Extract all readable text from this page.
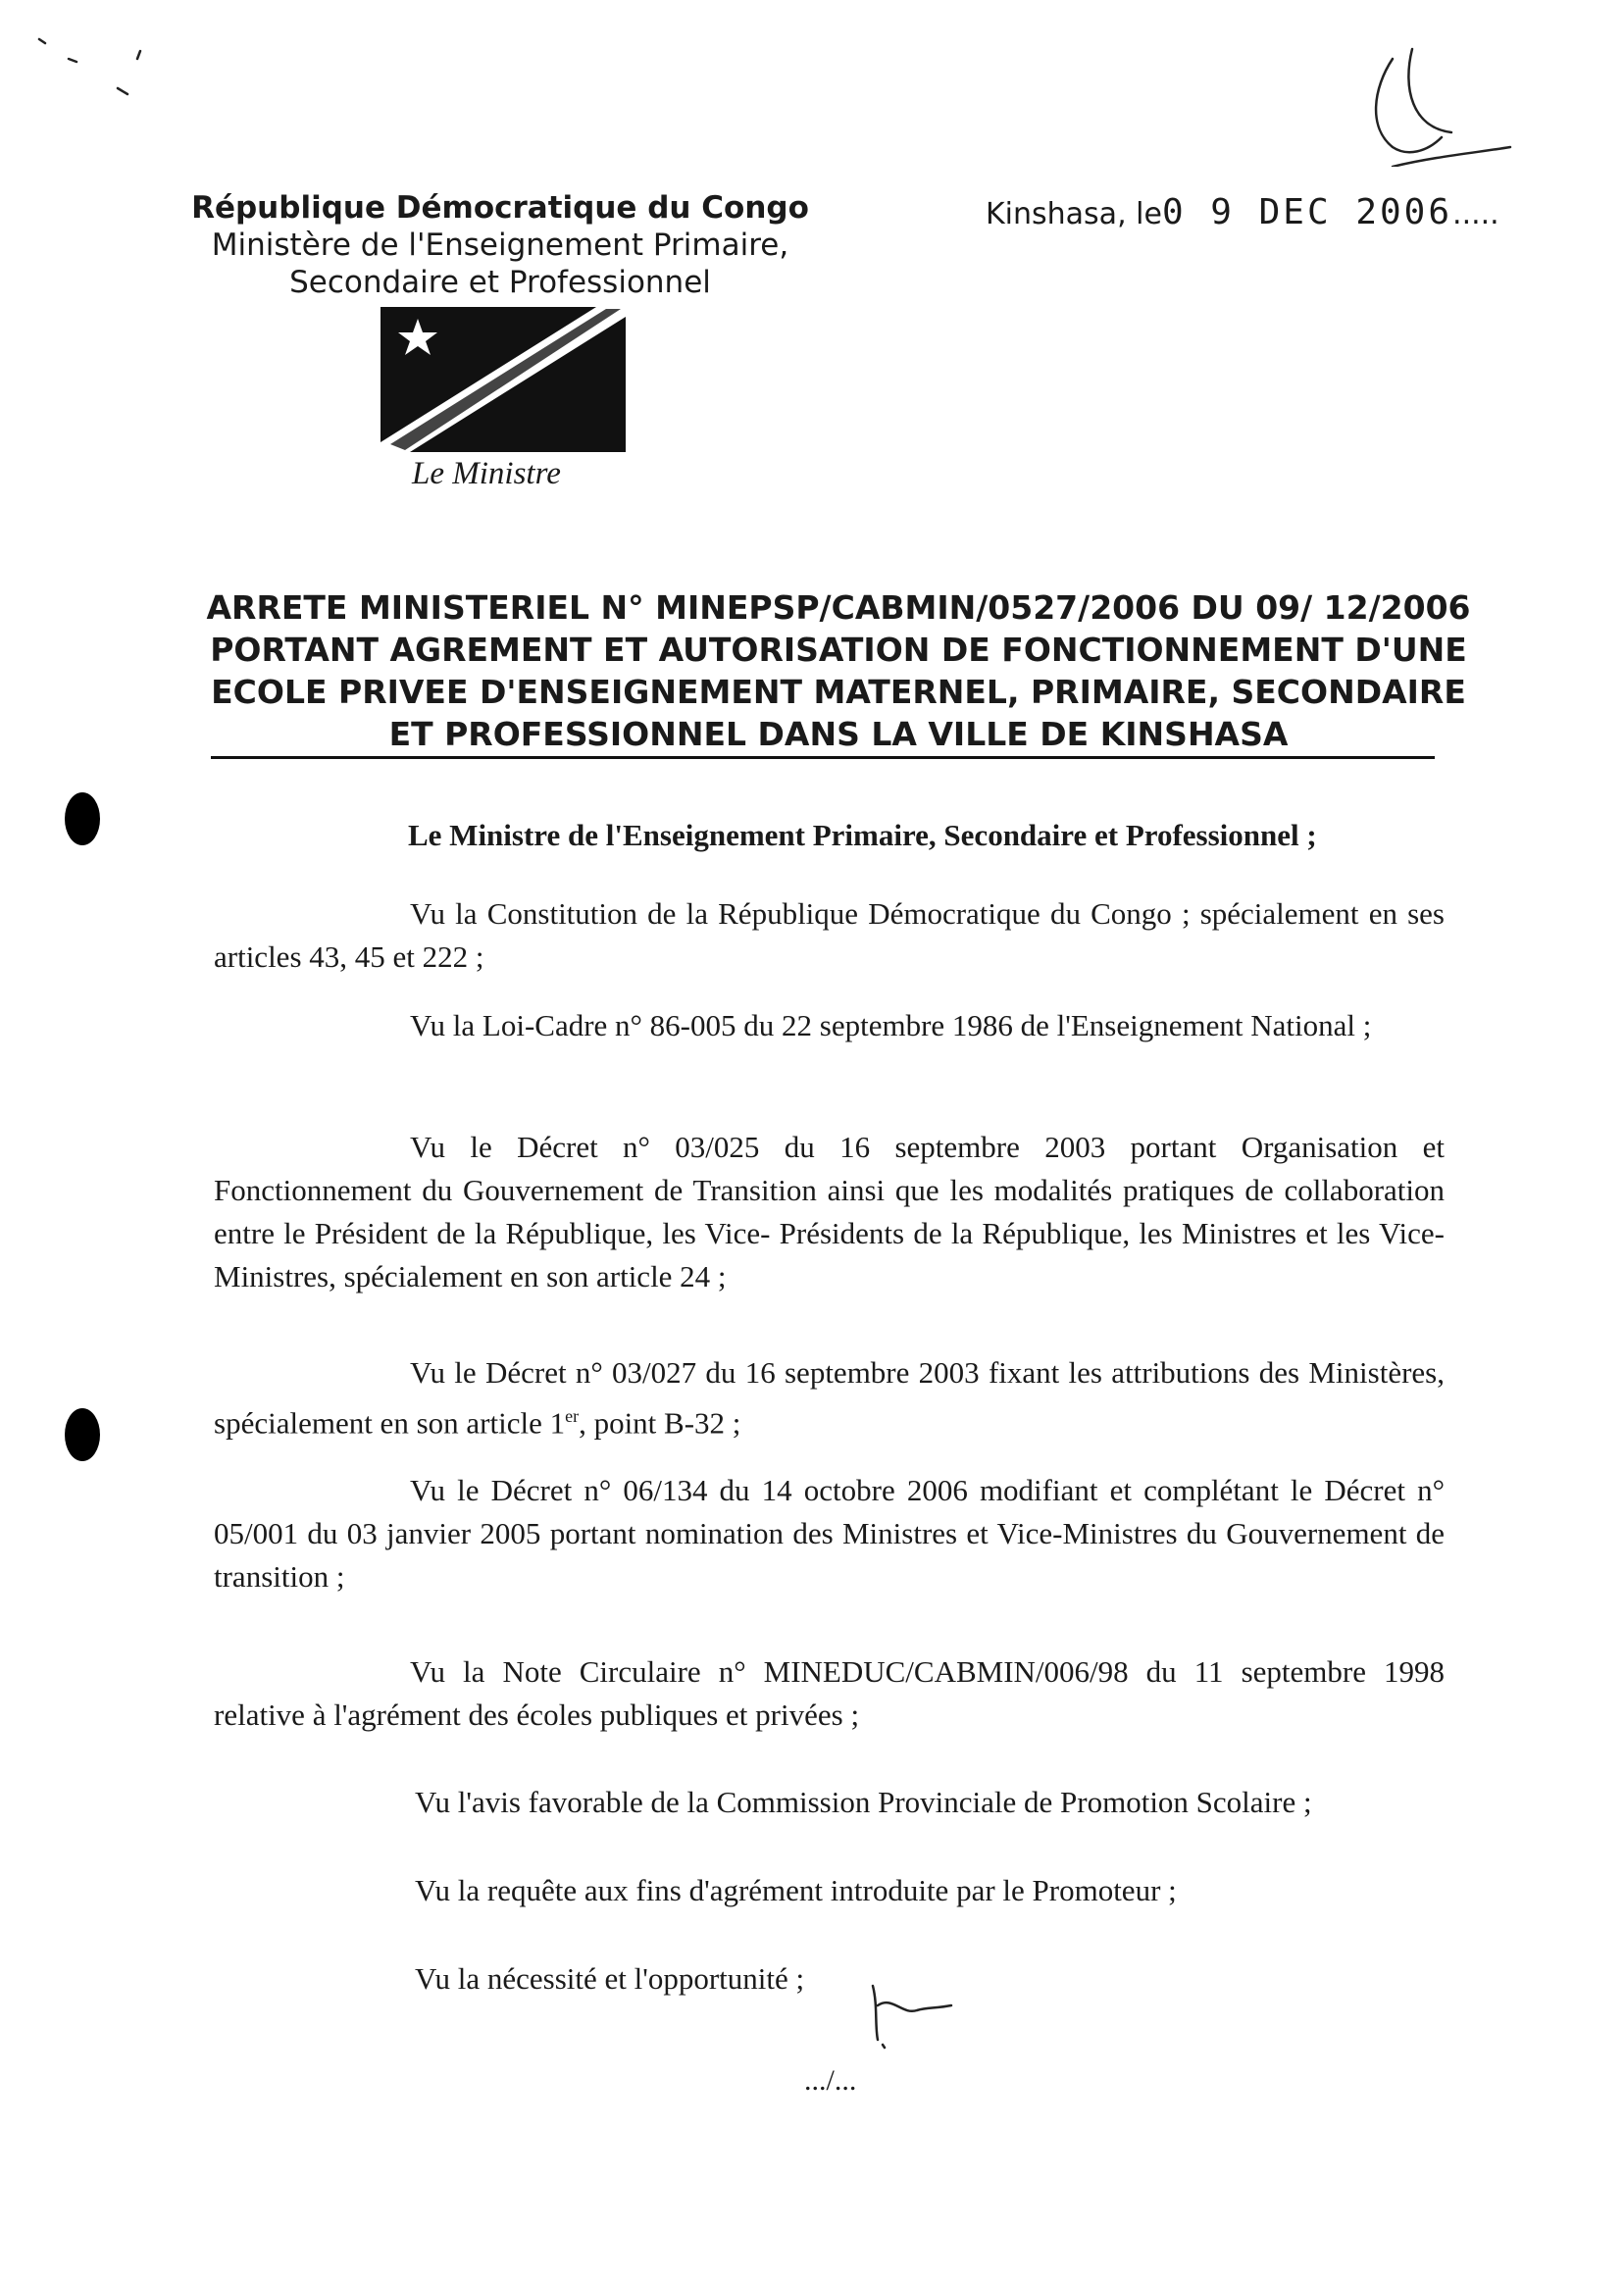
République Démocratique du Congo
Ministère de l'Enseignement Primaire,
Secondaire et Professionnel
Kinshasa, le0 9 DEC 2006.....
Le Ministre
ARRETE MINISTERIEL N° MINEPSP/CABMIN/0527/2006 DU 09/ 12/2006
PORTANT AGREMENT ET AUTORISATION DE FONCTIONNEMENT D'UNE
ECOLE PRIVEE D'ENSEIGNEMENT MATERNEL, PRIMAIRE, SECONDAIRE
ET PROFESSIONNEL DANS LA VILLE DE KINSHASA
Le Ministre de l'Enseignement Primaire, Secondaire et Professionnel ;
Vu la Constitution de la République Démocratique du Congo ; spécialement en ses articles 43, 45 et 222 ;
Vu la Loi-Cadre n° 86-005 du 22 septembre 1986 de l'Enseignement National ;
Vu le Décret n° 03/025 du 16 septembre 2003 portant Organisation et Fonctionnement du Gouvernement de Transition ainsi que les modalités pratiques de collaboration entre le Président de la République, les Vice- Présidents de la République, les Ministres et les Vice- Ministres, spécialement en son article 24 ;
Vu le Décret n° 03/027 du 16 septembre 2003 fixant les attributions des Ministères, spécialement en son article 1er, point B-32 ;
Vu le Décret n° 06/134 du 14 octobre 2006 modifiant et complétant le Décret n° 05/001 du 03 janvier 2005 portant nomination des Ministres et Vice-Ministres du Gouvernement de transition ;
Vu la Note Circulaire n° MINEDUC/CABMIN/006/98 du 11 septembre 1998 relative à l'agrément des écoles publiques et privées ;
Vu l'avis favorable de la Commission Provinciale de Promotion Scolaire ;
Vu la requête aux fins d'agrément introduite par le Promoteur ;
Vu la nécessité et l'opportunité ;
.../...
